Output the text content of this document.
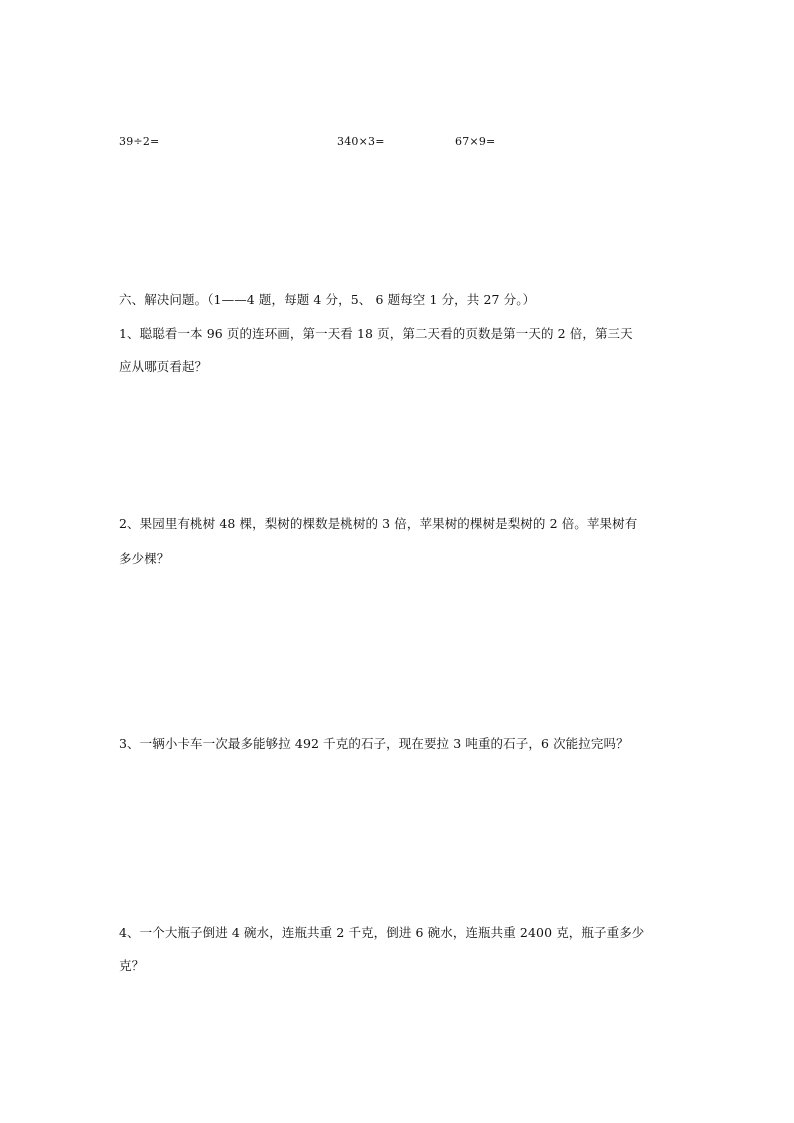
39÷2=	340×3=	67×9=
六、解决问题。（1——4 题，每题 4 分，5、 6 题每空 1 分，共 27 分。）
1、聪聪看一本 96 页的连环画，第一天看 18 页，第二天看的页数是第一天的 2 倍，第三天
应从哪页看起？
2、果园里有桃树 48 棵，梨树的棵数是桃树的 3 倍，苹果树的棵树是梨树的 2 倍。苹果树有
多少棵？
3、一辆小卡车一次最多能够拉 492 千克的石子，现在要拉 3 吨重的石子，6 次能拉完吗？
4、一个大瓶子倒进 4 碗水，连瓶共重 2 千克，倒进 6 碗水，连瓶共重 2400 克，瓶子重多少
克？
